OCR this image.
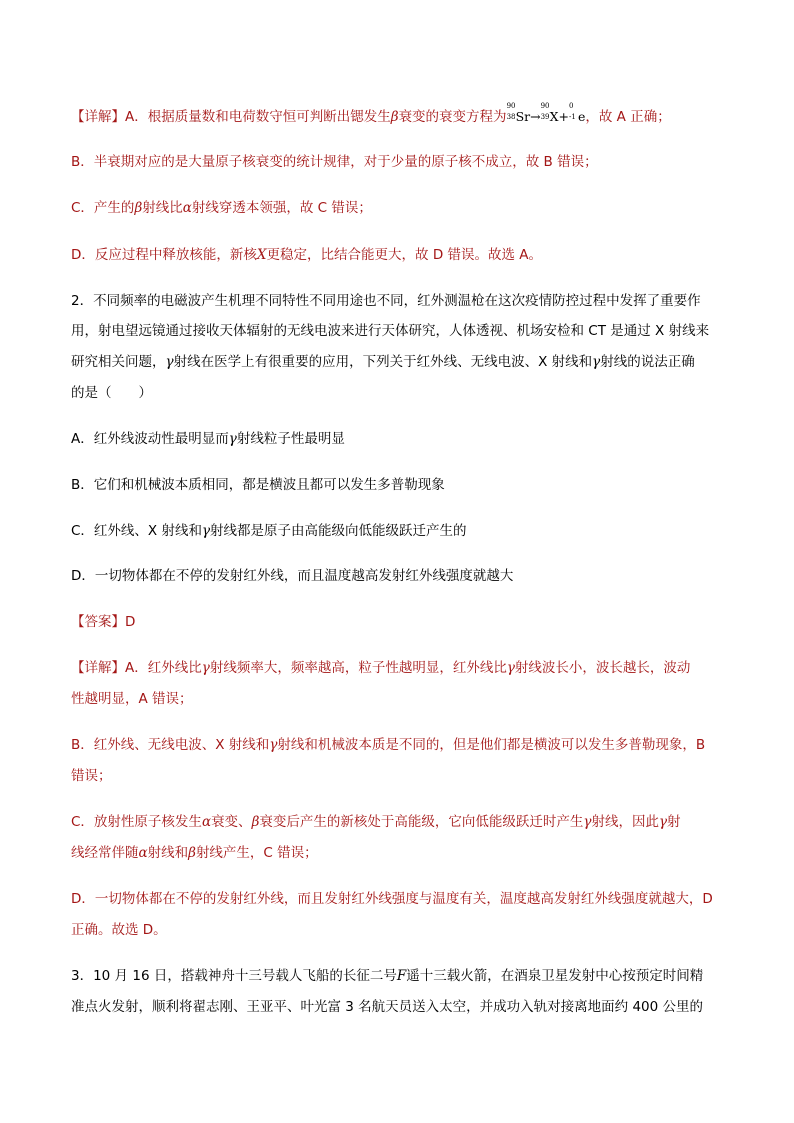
【详解】A．根据质量数和电荷数守恒可判断出锶发生β衰变的衰变方程为
90
38 Sr→
90
39 X+
0
-1 e，故 A 正确；
B．半衰期对应的是大量原子核衰变的统计规律，对于少量的原子核不成立，故 B 错误；
C．产生的β射线比α射线穿透本领强，故 C 错误；
D．反应过程中释放核能，新核X更稳定，比结合能更大，故 D 错误。故选 A。
2．不同频率的电磁波产生机理不同特性不同用途也不同，红外测温枪在这次疫情防控过程中发挥了重要作
用，射电望远镜通过接收天体辐射的无线电波来进行天体研究，人体透视、机场安检和 CT 是通过 X 射线来
研究相关问题，γ射线在医学上有很重要的应用，下列关于红外线、无线电波、X 射线和γ射线的说法正确
的是（　　）
A．红外线波动性最明显而γ射线粒子性最明显
B．它们和机械波本质相同，都是横波且都可以发生多普勒现象
C．红外线、X 射线和γ射线都是原子由高能级向低能级跃迁产生的
D．一切物体都在不停的发射红外线，而且温度越高发射红外线强度就越大
【答案】D
【详解】A．红外线比γ射线频率大，频率越高，粒子性越明显，红外线比γ射线波长小，波长越长，波动
性越明显，A 错误；
B．红外线、无线电波、X 射线和γ射线和机械波本质是不同的，但是他们都是横波可以发生多普勒现象，B
错误；
C．放射性原子核发生α衰变、β衰变后产生的新核处于高能级，它向低能级跃迁时产生γ射线，因此γ射
线经常伴随α射线和β射线产生，C 错误；
D．一切物体都在不停的发射红外线，而且发射红外线强度与温度有关，温度越高发射红外线强度就越大，D
正确。故选 D。
3．10 月 16 日，搭载神舟十三号载人飞船的长征二号F遥十三载火箭，在酒泉卫星发射中心按预定时间精
准点火发射，顺利将翟志刚、王亚平、叶光富 3 名航天员送入太空，并成功入轨对接离地面约 400 公里的
